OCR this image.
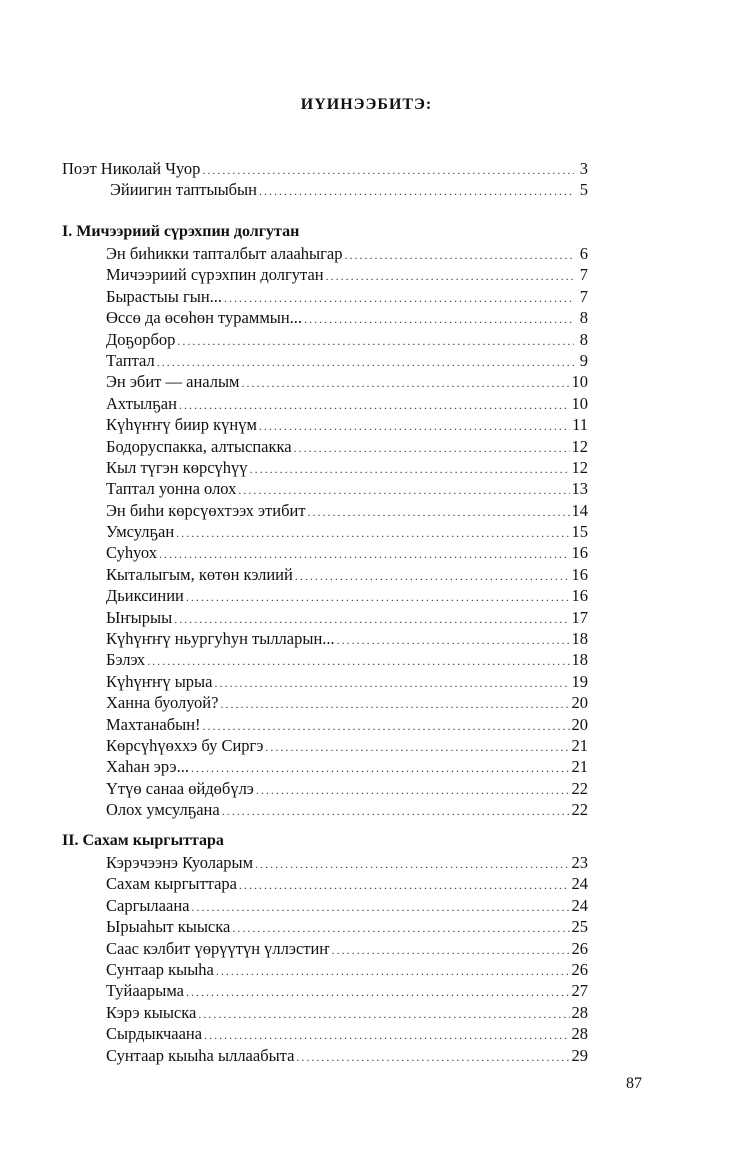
ИҮИНЭЭБИТЭ:
Поэт Николай Чуор .....	3
Эйиигин таптыыбын .....	5
I. Мичээриий сүрэхпин долгутан
Эн биһикки тапталбыт алааһыгар .....	6
Мичээриий сүрэхпин долгутан .....	7
Бырастыы гын... .....	7
Өссө да өсөһөн тураммын... .....	8
Доҕорбор .....	8
Таптал .....	9
Эн эбит — аналым .....	10
Ахтылҕан .....	10
Күһүҥҥү биир күнүм .....	11
Бодоруспакка, алтыспакка .....	12
Кыл түгэн көрсүһүү .....	12
Таптал уонна олох .....	13
Эн биһи көрсүөхтээх этибит .....	14
Умсулҕан .....	15
Суһуох .....	16
Кыталыгым, көтөн кэлиий .....	16
Дьиксинии .....	16
Ыҥырыы .....	17
Күһүҥҥү ньургуһун тылларын... .....	18
Бэлэх .....	18
Күһүҥҥү ырыа .....	19
Ханна буолуой? .....	20
Махтанабын! .....	20
Көрсүһүөххэ бу Сиргэ .....	21
Хаһан эрэ... .....	21
Үтүө санаа өйдөбүлэ .....	22
Олох умсулҕана .....	22
II. Сахам кыргыттара
Кэрэчээнэ Куоларым .....	23
Сахам кыргыттара .....	24
Саргылаана .....	24
Ырыаһыт кыыска .....	25
Саас кэлбит үөрүүтүн үллэстиҥ .....	26
Сунтаар кыыһа .....	26
Туйаарыма .....	27
Кэрэ кыыска .....	28
Сырдыкчаана .....	28
Сунтаар кыыһа ыллаабыта .....	29
87
